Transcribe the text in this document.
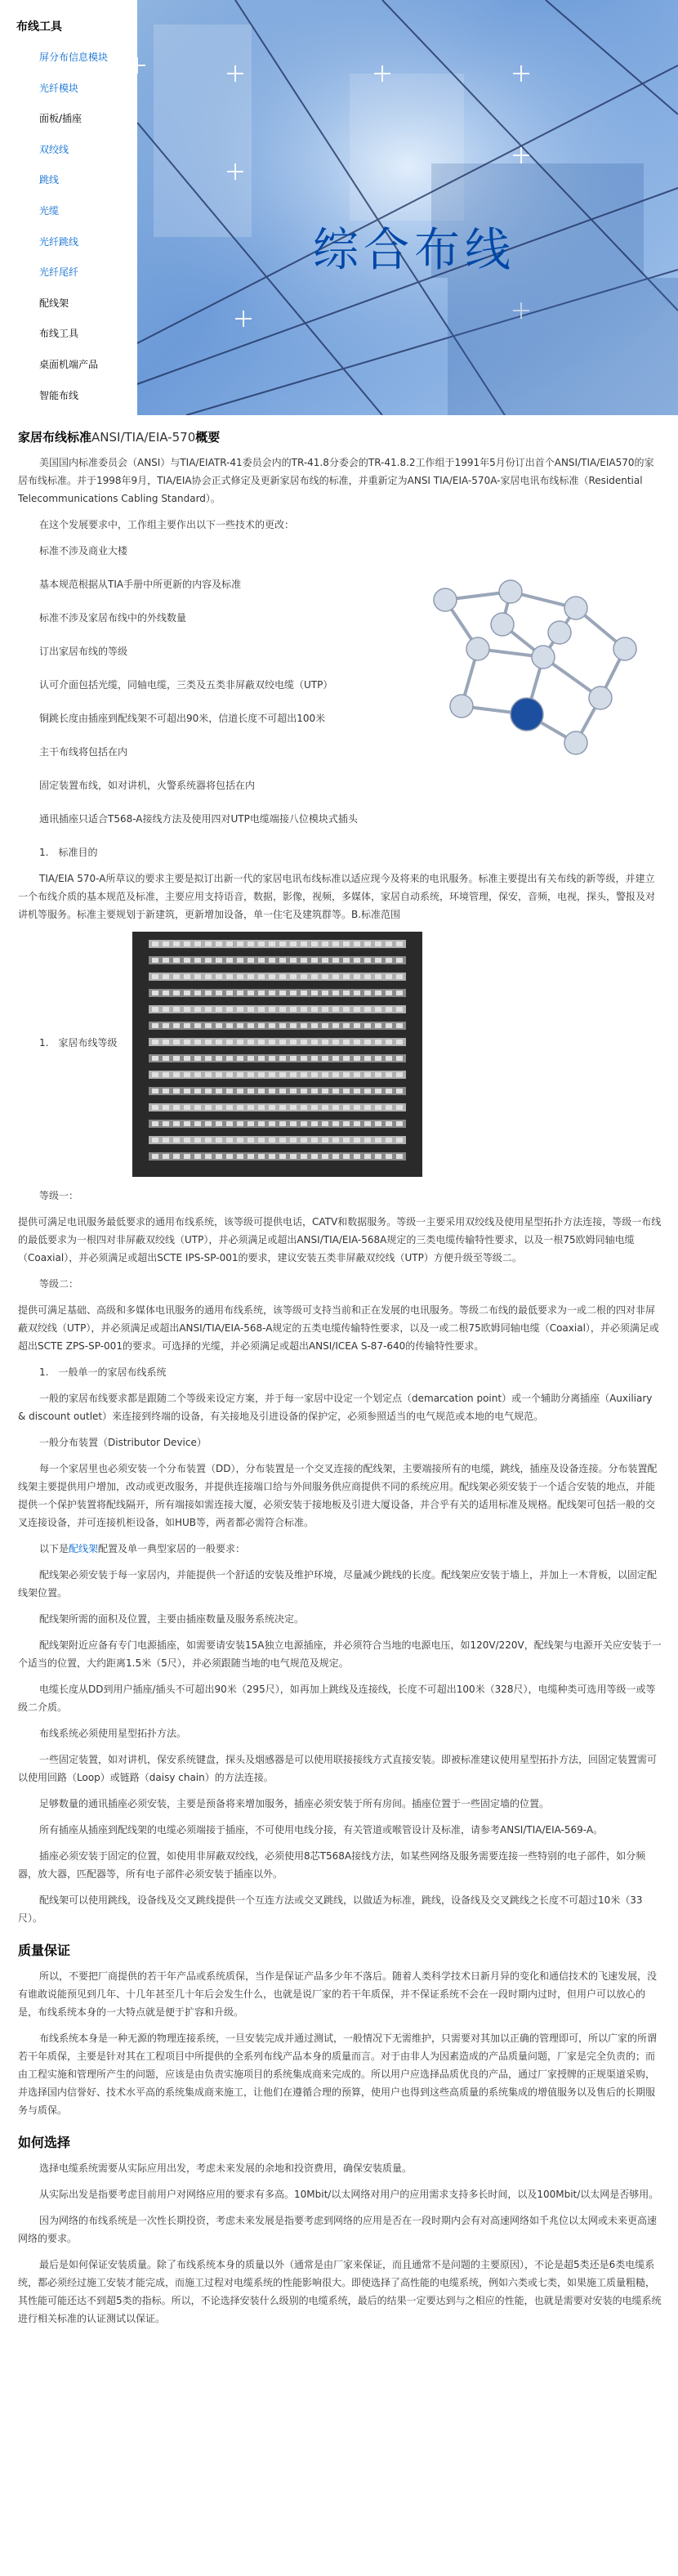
布线工具
屏分布信息模块
光纤模块
面板/插座
双绞线
跳线
光缆
光纤跳线
光纤尾纤
配线架
布线工具
桌面机端产品
智能布线
综合布线
家居布线标准ANSI/TIA/EIA-570概要

美国国内标准委员会（ANSI）与TIA/EIATR-41委员会内的TR-41.8分委会的TR-41.8.2工作组于1991年5月份订出首个ANSI/TIA/EIA570的家居布线标准。并于1998年9月，TIA/EIA协会正式修定及更新家居布线的标准，并重新定为ANSI TIA/EIA-570A-家居电讯布线标准（Residential Telecommunications Cabling Standard）。

在这个发展要求中，工作组主要作出以下一些技术的更改：

标准不涉及商业大楼

基本规范根据从TIA手册中所更新的内容及标准

标准不涉及家居布线中的外线数量

订出家居布线的等级

认可介面包括光缆，同轴电缆，三类及五类非屏蔽双绞电缆（UTP）

铜跳长度由插座到配线架不可超出90米，信道长度不可超出100米

主干布线将包括在内

固定装置布线，如对讲机，火警系统器将包括在内

通讯插座只适合T568-A接线方法及使用四对UTP电缆端接八位模块式插头

1.　标准目的

TIA/EIA 570-A所草议的要求主要是拟订出新一代的家居电讯布线标准以适应现今及将来的电讯服务。标准主要提出有关布线的新等级，并建立一个布线介质的基本规范及标准，主要应用支持语音，数据，影像，视频，多媒体，家居自动系统，环境管理，保安，音频，电视，探头，警报及对讲机等服务。标准主要规划于新建筑，更新增加设备，单一住宅及建筑群等。B.标准范围

1.　家居布线等级

等级一：

提供可满足电讯服务最低要求的通用布线系统，该等级可提供电话，CATV和数据服务。等级一主要采用双绞线及使用星型拓扑方法连接，等级一布线的最低要求为一根四对非屏蔽双绞线（UTP），并必须满足或超出ANSI/TIA/EIA-568A规定的三类电缆传输特性要求，以及一根75欧姆同轴电缆（Coaxial），并必须满足或超出SCTE IPS-SP-001的要求，建议安装五类非屏蔽双绞线（UTP）方便升级至等级二。

等级二：

提供可满足基础、高级和多媒体电讯服务的通用布线系统，该等级可支持当前和正在发展的电讯服务。等级二布线的最低要求为一或二根的四对非屏蔽双绞线（UTP），并必须满足或超出ANSI/TIA/EIA-568-A规定的五类电缆传输特性要求，以及一或二根75欧姆同轴电缆（Coaxial），并必须满足或超出SCTE ZPS-SP-001的要求。可选择的光缆，并必须满足或超出ANSI/ICEA S-87-640的传输特性要求。

1.　一般单一的家居布线系统

一般的家居布线要求都是跟随二个等级来设定方案，并于每一家居中设定一个划定点（demarcation point）或一个辅助分离插座（Auxiliary & discount outlet）来连接到终端的设备，有关接地及引进设备的保护定，必须参照适当的电气规范或本地的电气规范。

一般分布装置（Distributor Device）

每一个家居里也必须安装一个分布装置（DD），分布装置是一个交叉连接的配线架，主要端接所有的电缆，跳线，插座及设备连接。分布装置配线架主要提供用户增加，改动或更改服务，并提供连接端口给与外间服务供应商提供不同的系统应用。配线架必须安装于一个适合安装的地点，并能提供一个保护装置将配线隔开，所有端接如需连接大厦，必须安装于接地板及引进大厦设备，并合乎有关的适用标准及规格。配线架可包括一般的交叉连接设备，并可连接机柜设备，如HUB等，两者都必需符合标准。

以下是配线架配置及单一典型家居的一般要求：

配线架必须安装于每一家居内，并能提供一个舒适的安装及维护环境，尽量减少跳线的长度。配线架应安装于墙上，并加上一木背板，以固定配线架位置。

配线架所需的面积及位置，主要由插座数量及服务系统决定。

配线架附近应备有专门电源插座，如需要请安装15A独立电源插座，并必须符合当地的电源电压，如120V/220V，配线架与电源开关应安装于一个适当的位置，大约距离1.5米（5尺），并必须跟随当地的电气规范及规定。

电缆长度从DD到用户插座/插头不可超出90米（295尺），如再加上跳线及连接线，长度不可超出100米（328尺），电缆种类可选用等级一或等级二介质。

布线系统必须使用星型拓扑方法。

一些固定装置，如对讲机，保安系统键盘，探头及烟感器是可以使用联接接线方式直接安装。即被标准建议使用星型拓扑方法，回固定装置需可以使用回路（Loop）或链路（daisy chain）的方法连接。

足够数量的通讯插座必须安装，主要是预备将来增加服务，插座必须安装于所有房间。插座位置于一些固定墙的位置。

所有插座从插座到配线架的电缆必须端接于插座，不可使用电线分接，有关管道或喉管设计及标准，请参考ANSI/TIA/EIA-569-A。

插座必须安装于固定的位置，如使用非屏蔽双绞线，必须使用8芯T568A接线方法，如某些网络及服务需要连接一些特别的电子部件，如分频器，放大器，匹配器等，所有电子部件必须安装于插座以外。

配线架可以使用跳线，设备线及交叉跳线提供一个互连方法或交叉跳线，以做适为标准，跳线，设备线及交叉跳线之长度不可超过10米（33尺）。

质量保证

所以，不要把厂商提供的若干年产品或系统质保，当作是保证产品多少年不落后。随着人类科学技术日新月异的变化和通信技术的飞速发展，没有谁敢说能预见到几年、十几年甚至几十年后会发生什么，也就是说厂家的若干年质保，并不保证系统不会在一段时期内过时，但用户可以放心的是，布线系统本身的一大特点就是便于扩容和升级。

布线系统本身是一种无源的物理连接系统，一旦安装完成并通过测试，一般情况下无需维护，只需要对其加以正确的管理即可，所以广家的所谓若干年质保，主要是针对其在工程项目中所提供的全系列布线产品本身的质量而言。对于由非人为因素造成的产品质量问题，厂家是完全负责的；而由工程实施和管理所产生的问题，应该是由负责实施项目的系统集成商来完成的。所以用户应选择品质优良的产品，通过厂家授牌的正规渠道采购，并选择国内信誉好、技术水平高的系统集成商来施工，让他们在遵循合理的预算，使用户也得到这些高质量的系统集成的增值服务以及售后的长期服务与质保。

如何选择

选择电缆系统需要从实际应用出发，考虑未来发展的余地和投资费用，确保安装质量。

从实际出发是指要考虑目前用户对网络应用的要求有多高。10Mbit/以太网络对用户的应用需求支持多长时间，以及100Mbit/以太网是否够用。

因为网络的布线系统是一次性长期投资，考虑未来发展是指要考虑到网络的应用是否在一段时期内会有对高速网络如千兆位以太网或未来更高速网络的要求。

最后是如何保证安装质量。除了布线系统本身的质量以外（通常是由厂家来保证，而且通常不是问题的主要原因），不论是超5类还是6类电缆系统，都必须经过施工安装才能完成，而施工过程对电缆系统的性能影响很大。即使选择了高性能的电缆系统，例如六类或七类，如果施工质量粗糙，其性能可能还达不到超5类的指标。所以，不论选择安装什么级别的电缆系统，最后的结果一定要达到与之相应的性能，也就是需要对安装的电缆系统进行相关标准的认证测试以保证。
